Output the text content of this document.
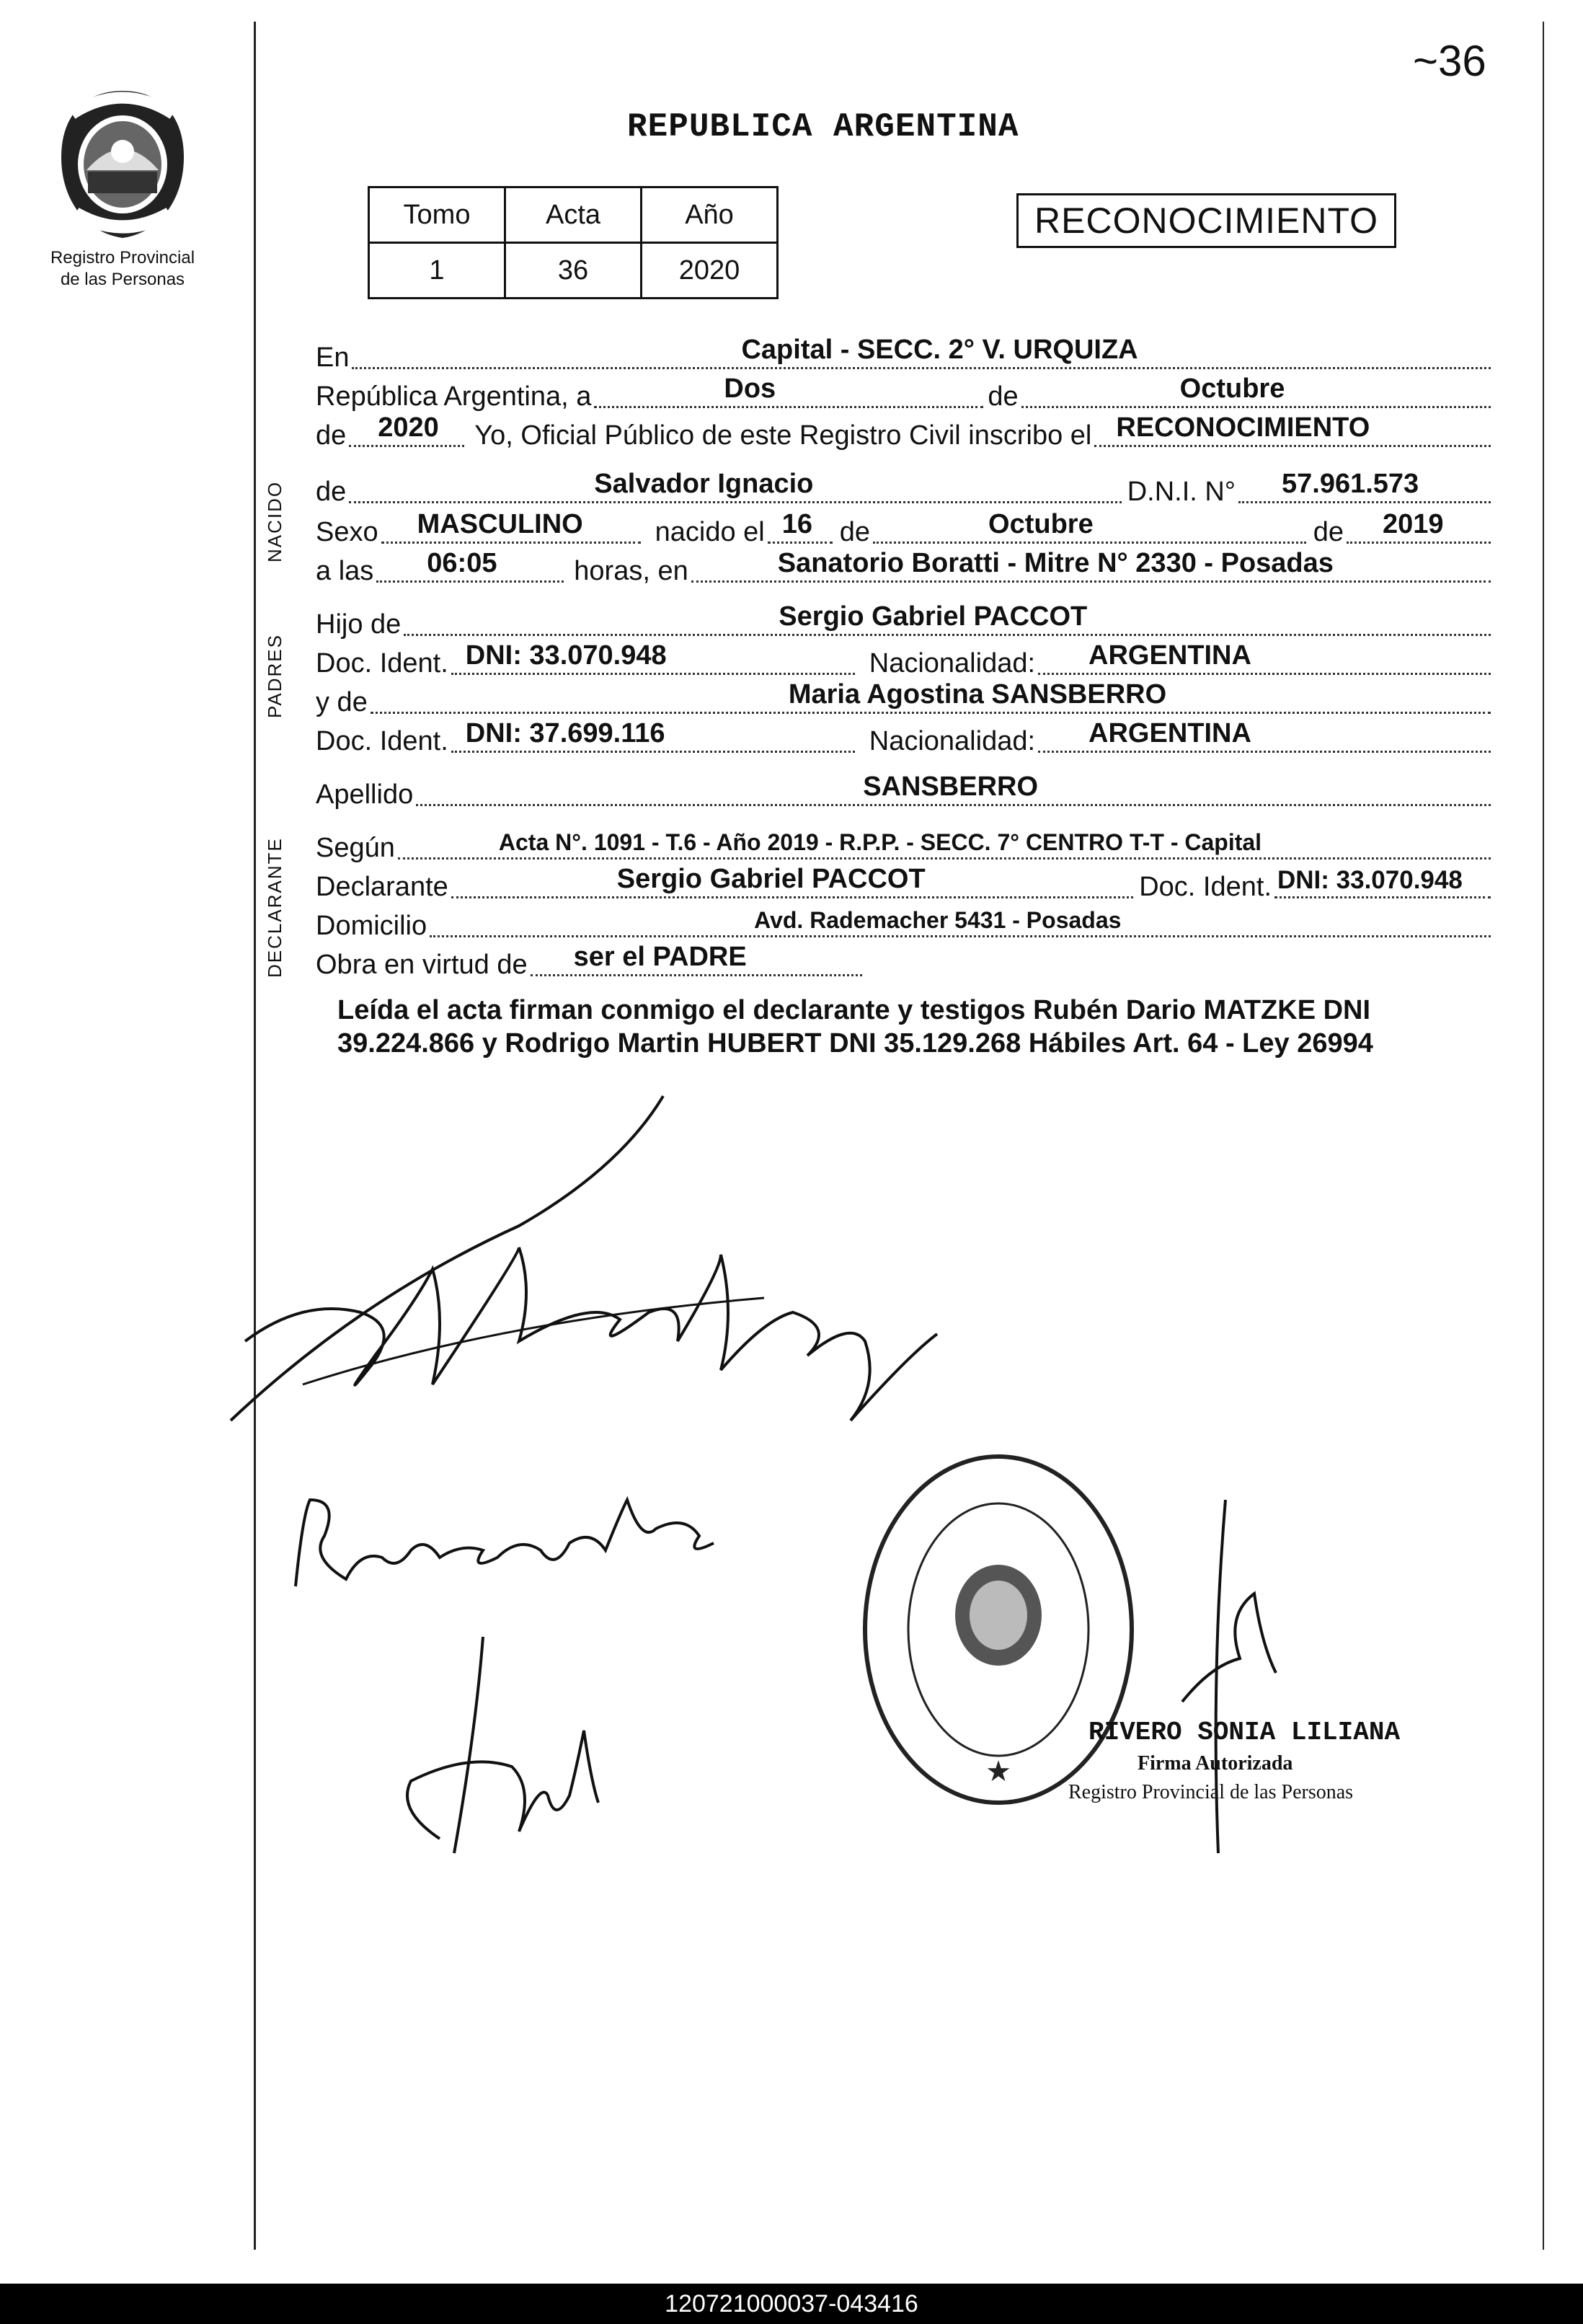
Registro Provincial
de las Personas
~36
REPUBLICA ARGENTINA
Tomo	Acta	Año
1	36	2020
RECONOCIMIENTO
En	Capital - SECC. 2° V. URQUIZA
República Argentina, a	Dos	de	Octubre
de 2020	Yo, Oficial Público de este Registro Civil inscribo el RECONOCIMIENTO
NACIDO de	Salvador Ignacio	D.N.I. N° 57.961.573
Sexo MASCULINO	nacido el 16 de	Octubre	de 2019
a las 06:05	horas, en	Sanatorio Boratti - Mitre N° 2330 - Posadas
PADRES
Hijo de	Sergio Gabriel PACCOT
Doc. Ident. DNI: 33.070.948	Nacionalidad: ARGENTINA
y de	Maria Agostina SANSBERRO
Doc. Ident. DNI: 37.699.116	Nacionalidad: ARGENTINA
Apellido	SANSBERRO
DECLARANTE Según	Acta N°. 1091 - T.6 - Año 2019 - R.P.P. - SECC. 7° CENTRO T-T - Capital
Declarante	Sergio Gabriel PACCOT	Doc. Ident. DNI: 33.070.948
Domicilio	Avd. Rademacher 5431 - Posadas
Obra en virtud de ser el PADRE
Leída el acta firman conmigo el declarante y testigos Rubén Dario MATZKE DNI 39.224.866 y Rodrigo Martin HUBERT DNI 35.129.268 Hábiles Art. 64 - Ley 26994
★
RIVERO SONIA LILIANA
Firma Autorizada
Registro Provincial de las Personas
120721000037-043416
